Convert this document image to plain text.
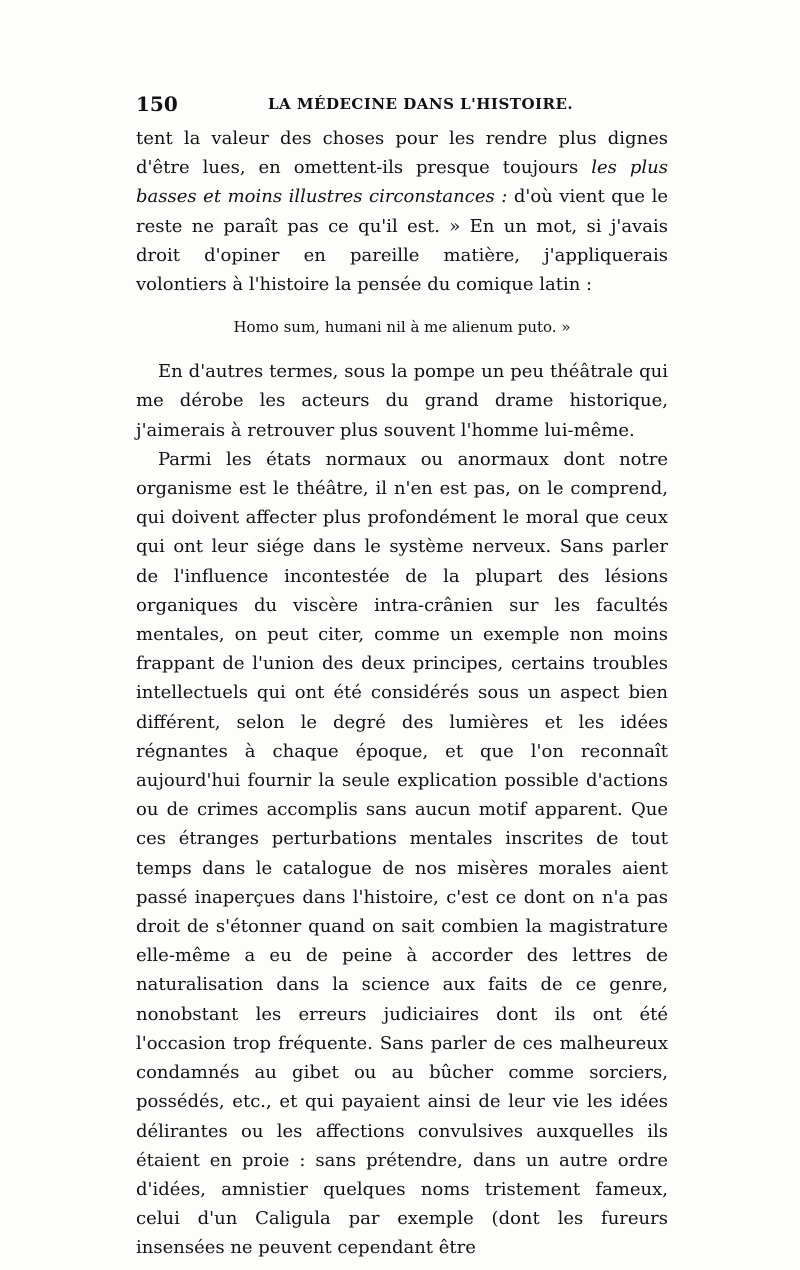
150	LA MÉDECINE DANS L'HISTOIRE.

tent la valeur des choses pour les rendre plus dignes d'être lues, en omettent-ils presque toujours les plus basses et moins illustres circonstances : d'où vient que le reste ne paraît pas ce qu'il est. » En un mot, si j'avais droit d'opiner en pareille matière, j'appliquerais volontiers à l'histoire la pensée du comique latin :

Homo sum, humani nil à me alienum puto. »

En d'autres termes, sous la pompe un peu théâtrale qui me dérobe les acteurs du grand drame historique, j'aimerais à retrouver plus souvent l'homme lui-même.

Parmi les états normaux ou anormaux dont notre organisme est le théâtre, il n'en est pas, on le comprend, qui doivent affecter plus profondément le moral que ceux qui ont leur siége dans le système nerveux. Sans parler de l'influence incontestée de la plupart des lésions organiques du viscère intra-crânien sur les facultés mentales, on peut citer, comme un exemple non moins frappant de l'union des deux principes, certains troubles intellectuels qui ont été considérés sous un aspect bien différent, selon le degré des lumières et les idées régnantes à chaque époque, et que l'on reconnaît aujourd'hui fournir la seule explication possible d'actions ou de crimes accomplis sans aucun motif apparent. Que ces étranges perturbations mentales inscrites de tout temps dans le catalogue de nos misères morales aient passé inaperçues dans l'histoire, c'est ce dont on n'a pas droit de s'étonner quand on sait combien la magistrature elle-même a eu de peine à accorder des lettres de naturalisation dans la science aux faits de ce genre, nonobstant les erreurs judiciaires dont ils ont été l'occasion trop fréquente. Sans parler de ces malheureux condamnés au gibet ou au bûcher comme sorciers, possédés, etc., et qui payaient ainsi de leur vie les idées délirantes ou les affections convulsives auxquelles ils étaient en proie : sans prétendre, dans un autre ordre d'idées, amnistier quelques noms tristement fameux, celui d'un Caligula par exemple (dont les fureurs insensées ne peuvent cependant être
